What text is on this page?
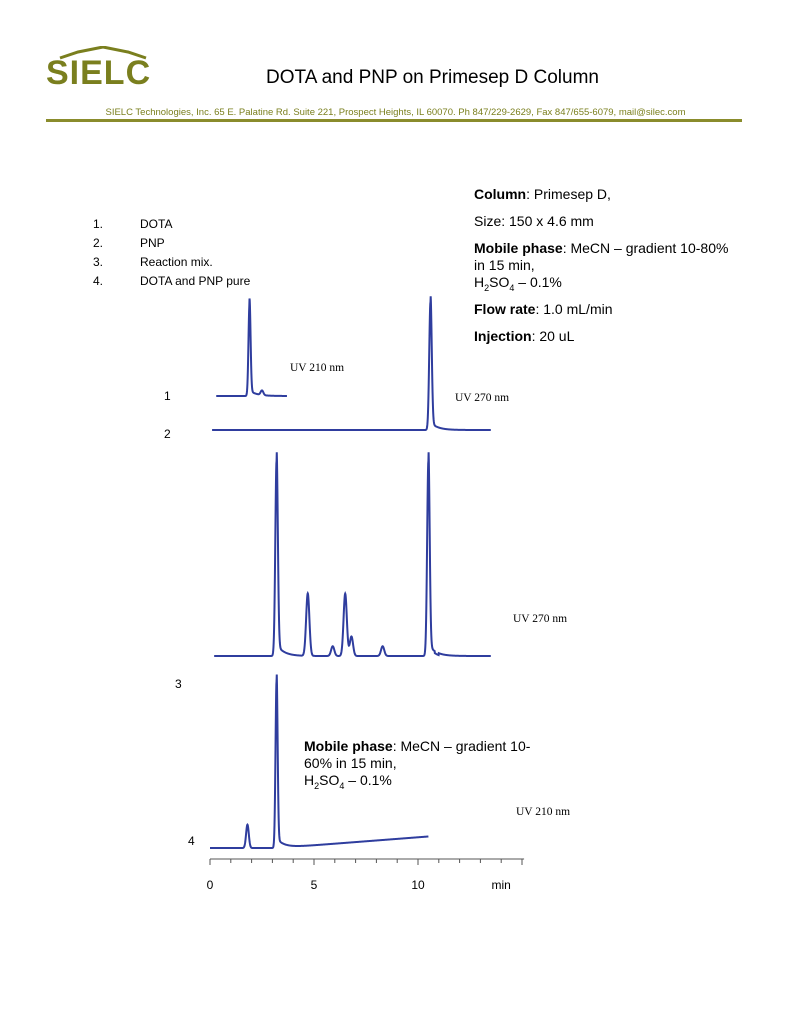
SIELC	DOTA and PNP on Primesep D Column
SIELC Technologies, Inc. 65 E. Palatine Rd. Suite 221, Prospect Heights, IL 60070. Ph 847/229-2629, Fax 847/655-6079, mail@silec.com
1.	DOTA
2.	PNP
3.	Reaction mix.
4.	DOTA and PNP pure
Column: Primesep D,
Size: 150 x 4.6 mm
Mobile phase: MeCN – gradient 10-80% in 15 min,
$H_2SO_4 - 0.1\%$
Flow rate: 1.0 mL/min
Injection: 20 uL
Mobile phase: MeCN – gradient 10-60% in 15 min,
$H_2SO_4 - 0.1\%$
UV 210 nm
UV 270 nm
UV 270 nm
UV 210 nm
1
2
3
4
0	5	10	min
